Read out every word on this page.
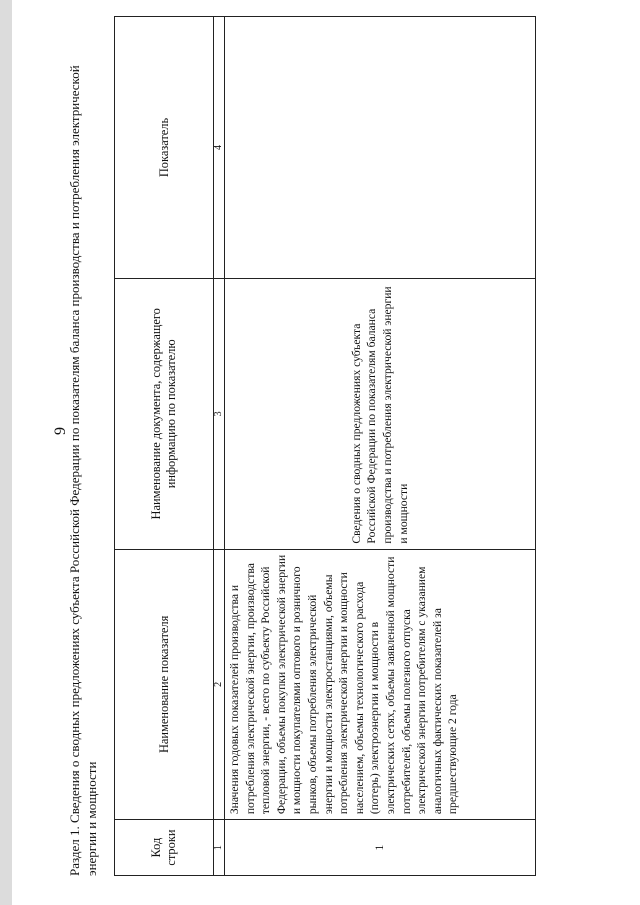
9
Раздел 1. Сведения о сводных предложениях субъекта Российской Федерации по показателям баланса производства и потребления электрической энергии и мощности	Код строки	Наименование показателя	Наименование документа, содержащего информацию по показателю	Показатель
1	2	3	4
1	Значения годовых показателей производства и потребления электрической энергии, производства тепловой энергии, - всего по субъекту Российской Федерации, объемы покупки электрической энергии и мощности покупателями оптового и розничного рынков, объемы потребления электрической энергии и мощности электростанциями, объемы потребления электрической энергии и мощности населением, объемы технологического расхода (потерь) электроэнергии и мощности в электрических сетях, объемы заявленной мощности потребителей, объемы полезного отпуска электрической энергии потребителям с указанием аналогичных фактических показателей за предшествующие 2 года	Сведения о сводных предложениях субъекта Российской Федерации по показателям баланса производства и потребления электрической энергии и мощности	
